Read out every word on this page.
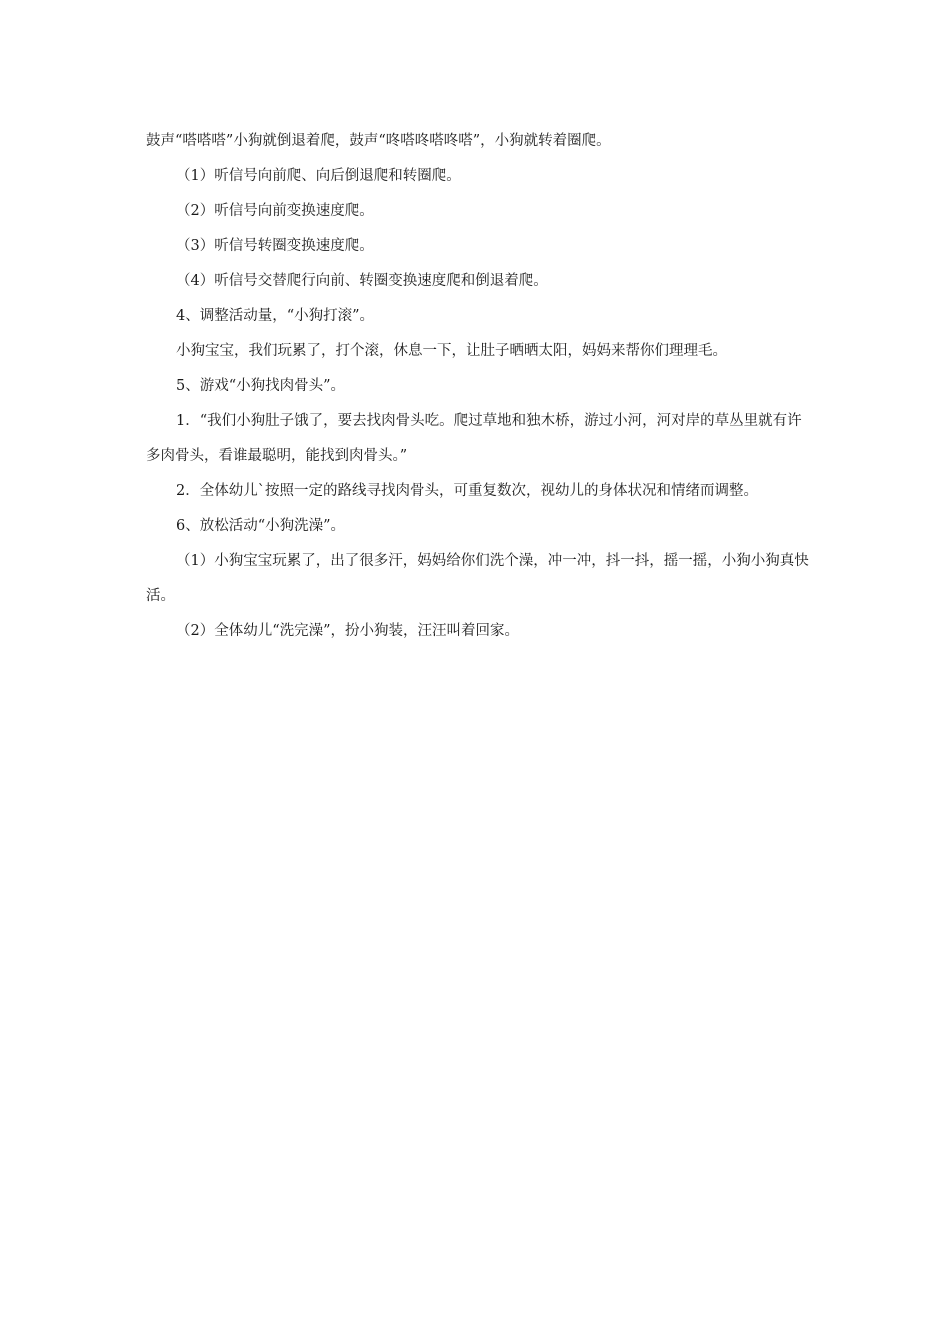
鼓声“嗒嗒嗒”小狗就倒退着爬，鼓声“咚嗒咚嗒咚嗒”，小狗就转着圈爬。

（1）听信号向前爬、向后倒退爬和转圈爬。

（2）听信号向前变换速度爬。

（3）听信号转圈变换速度爬。

（4）听信号交替爬行向前、转圈变换速度爬和倒退着爬。

4、调整活动量，“小狗打滚”。

小狗宝宝，我们玩累了，打个滚，休息一下，让肚子晒晒太阳，妈妈来帮你们理理毛。

5、游戏“小狗找肉骨头”。

1．“我们小狗肚子饿了，要去找肉骨头吃。爬过草地和独木桥，游过小河，河对岸的草丛里就有许多肉骨头，看谁最聪明，能找到肉骨头。”

2．全体幼儿`按照一定的路线寻找肉骨头，可重复数次，视幼儿的身体状况和情绪而调整。

6、放松活动“小狗洗澡”。

（1）小狗宝宝玩累了，出了很多汗，妈妈给你们洗个澡，冲一冲，抖一抖，摇一摇，小狗小狗真快活。

（2）全体幼儿“洗完澡”，扮小狗装，汪汪叫着回家。
